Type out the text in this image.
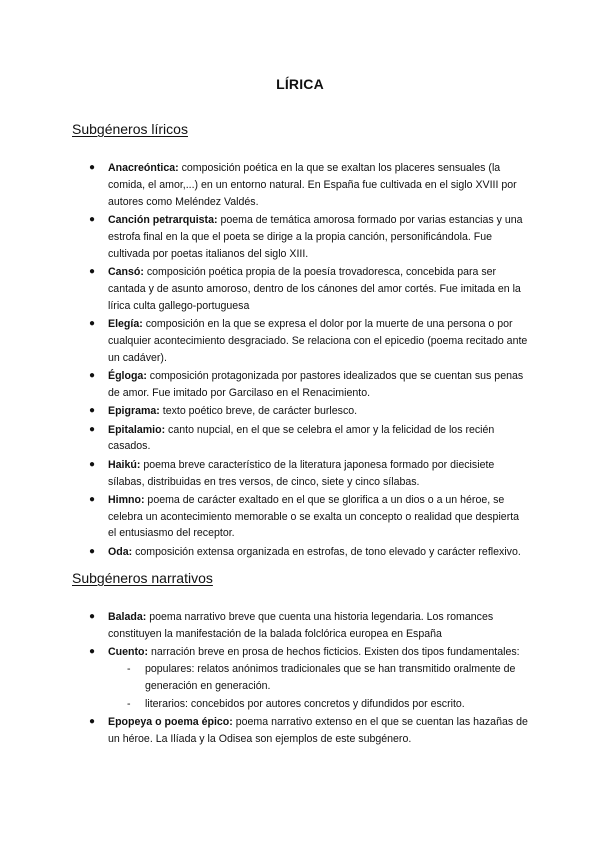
LÍRICA
Subgéneros líricos
● Anacreóntica: composición poética en la que se exaltan los placeres sensuales (la comida, el amor,...) en un entorno natural. En España fue cultivada en el siglo XVIII por autores como Meléndez Valdés.
● Canción petrarquista: poema de temática amorosa formado por varias estancias y una estrofa final en la que el poeta se dirige a la propia canción, personificándola. Fue cultivada por poetas italianos del siglo XIII.
● Cansó: composición poética propia de la poesía trovadoresca, concebida para ser cantada y de asunto amoroso, dentro de los cánones del amor cortés. Fue imitada en la lírica culta gallego-portuguesa
● Elegía: composición en la que se expresa el dolor por la muerte de una persona o por cualquier acontecimiento desgraciado. Se relaciona con el epicedio (poema recitado ante un cadáver).
● Égloga: composición protagonizada por pastores idealizados que se cuentan sus penas de amor. Fue imitado por Garcilaso en el Renacimiento.
● Epigrama: texto poético breve, de carácter burlesco.
● Epitalamio: canto nupcial, en el que se celebra el amor y la felicidad de los recién casados.
● Haikú: poema breve característico de la literatura japonesa formado por diecisiete sílabas, distribuidas en tres versos, de cinco, siete y cinco sílabas.
● Himno: poema de carácter exaltado en el que se glorifica a un dios o a un héroe, se celebra un acontecimiento memorable o se exalta un concepto o realidad que despierta el entusiasmo del receptor.
● Oda: composición extensa organizada en estrofas, de tono elevado y carácter reflexivo.
Subgéneros narrativos
● Balada: poema narrativo breve que cuenta una historia legendaria. Los romances constituyen la manifestación de la balada folclórica europea en España
● Cuento: narración breve en prosa de hechos ficticios. Existen dos tipos fundamentales:
- populares: relatos anónimos tradicionales que se han transmitido oralmente de generación en generación.
- literarios: concebidos por autores concretos y difundidos por escrito.
● Epopeya o poema épico: poema narrativo extenso en el que se cuentan las hazañas de un héroe. La Ilíada y la Odisea son ejemplos de este subgénero.
